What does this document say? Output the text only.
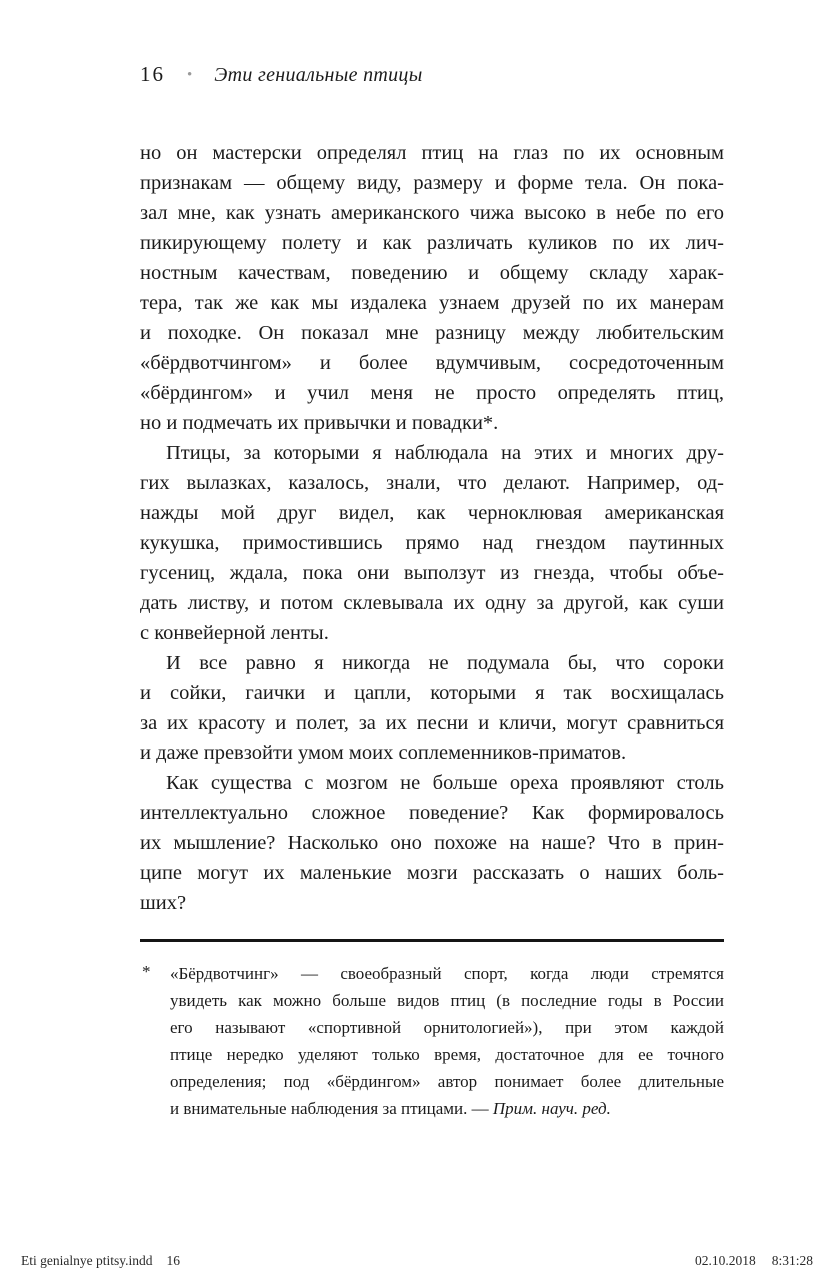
16 • Эти гениальные птицы
но он мастерски определял птиц на глаз по их основным
признакам — общему виду, размеру и форме тела. Он пока-
зал мне, как узнать американского чижа высоко в небе по его
пикирующему полету и как различать куликов по их лич-
ностным качествам, поведению и общему складу харак-
тера, так же как мы издалека узнаем друзей по их манерам
и походке. Он показал мне разницу между любительским
«бёрдвотчингом» и более вдумчивым, сосредоточенным
«бёрдингом» и учил меня не просто определять птиц,
но и подмечать их привычки и повадки*.
Птицы, за которыми я наблюдала на этих и многих дру-
гих вылазках, казалось, знали, что делают. Например, од-
нажды мой друг видел, как черноклювая американская
кукушка, примостившись прямо над гнездом паутинных
гусениц, ждала, пока они выползут из гнезда, чтобы объе-
дать листву, и потом склевывала их одну за другой, как суши
с конвейерной ленты.
И все равно я никогда не подумала бы, что сороки
и сойки, гаички и цапли, которыми я так восхищалась
за их красоту и полет, за их песни и кличи, могут сравниться
и даже превзойти умом моих соплеменников-приматов.
Как существа с мозгом не больше ореха проявляют столь
интеллектуально сложное поведение? Как формировалось
их мышление? Насколько оно похоже на наше? Что в прин-
ципе могут их маленькие мозги рассказать о наших боль-
ших?
* «Бёрдвотчинг» — своеобразный спорт, когда люди стремятся
увидеть как можно больше видов птиц (в последние годы в России
его называют «спортивной орнитологией»), при этом каждой
птице нередко уделяют только время, достаточное для ее точного
определения; под «бёрдингом» автор понимает более длительные
и внимательные наблюдения за птицами. — Прим. науч. ред.
Eti genialnye ptitsy.indd 16	02.10.2018 8:31:28
